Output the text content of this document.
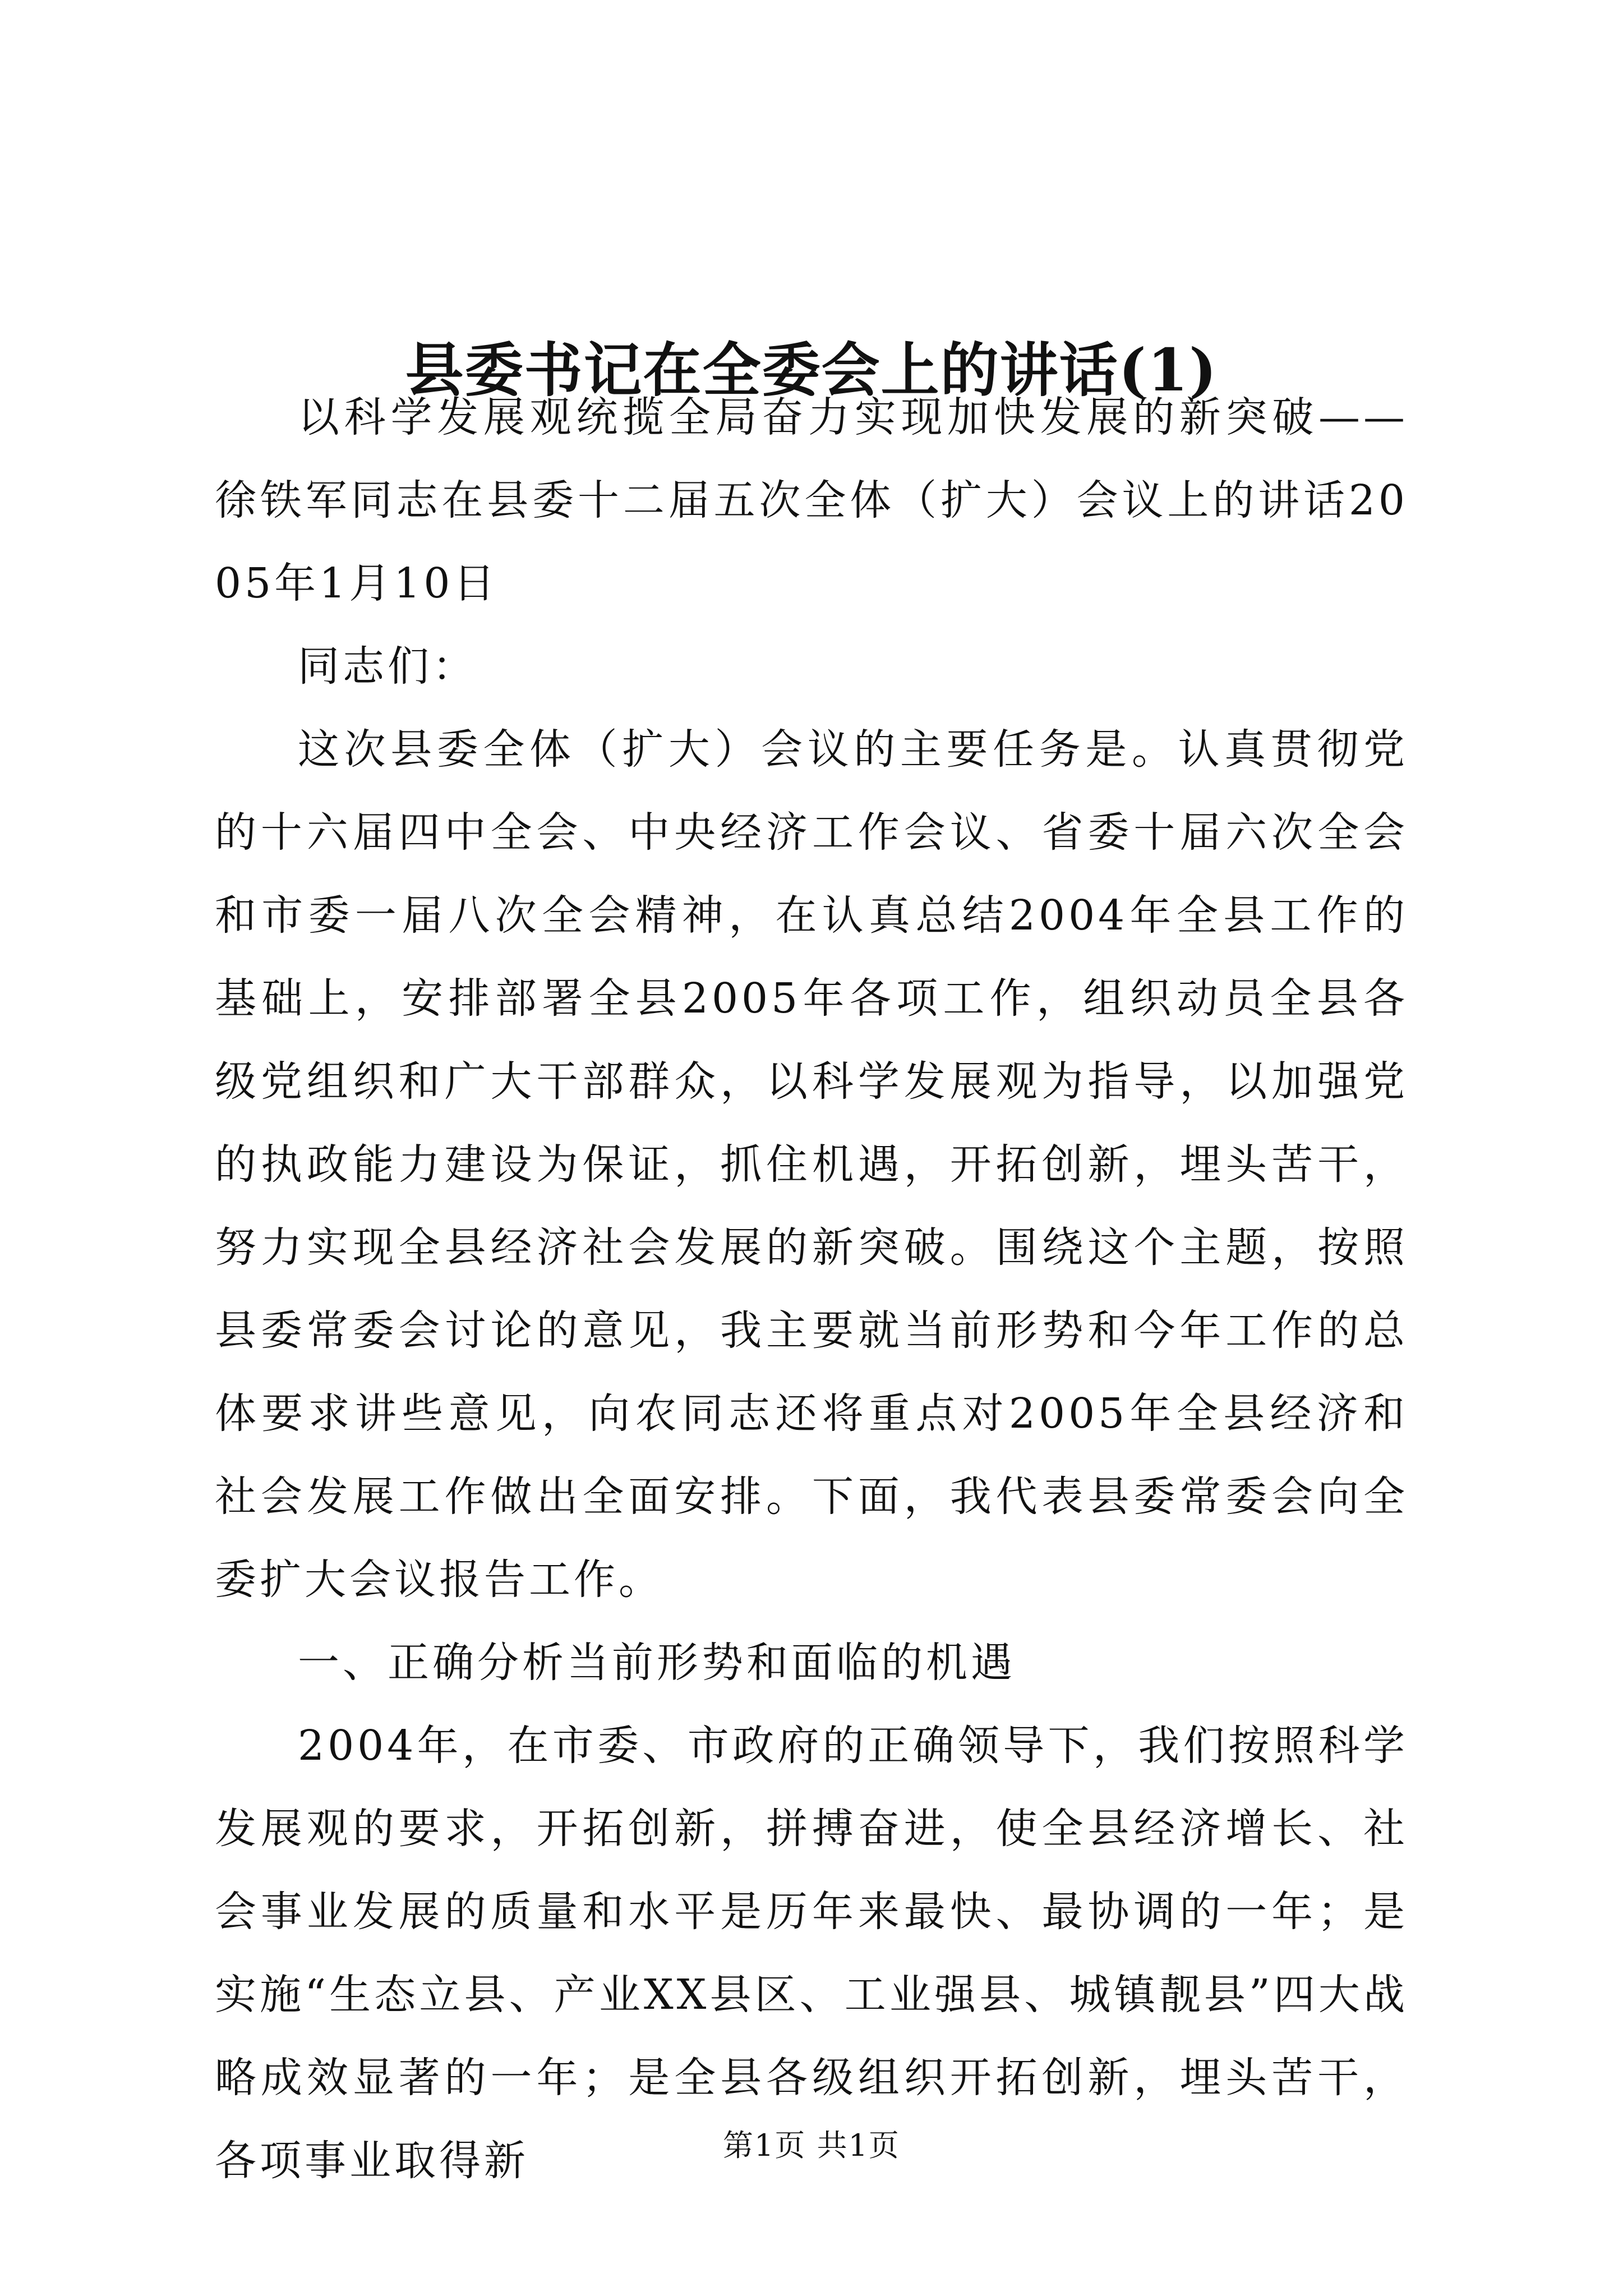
县委书记在全委会上的讲话(1)

以科学发展观统揽全局奋力实现加快发展的新突破——徐铁军同志在县委十二届五次全体（扩大）会议上的讲话2005年1月10日

同志们：

这次县委全体（扩大）会议的主要任务是。认真贯彻党的十六届四中全会、中央经济工作会议、省委十届六次全会和市委一届八次全会精神，在认真总结2004年全县工作的基础上，安排部署全县2005年各项工作，组织动员全县各级党组织和广大干部群众，以科学发展观为指导，以加强党的执政能力建设为保证，抓住机遇，开拓创新，埋头苦干，努力实现全县经济社会发展的新突破。围绕这个主题，按照县委常委会讨论的意见，我主要就当前形势和今年工作的总体要求讲些意见，向农同志还将重点对2005年全县经济和社会发展工作做出全面安排。下面，我代表县委常委会向全委扩大会议报告工作。

一、正确分析当前形势和面临的机遇

2004年，在市委、市政府的正确领导下，我们按照科学发展观的要求，开拓创新，拼搏奋进，使全县经济增长、社会事业发展的质量和水平是历年来最快、最协调的一年；是实施“生态立县、产业XX县区、工业强县、城镇靓县”四大战略成效显著的一年；是全县各级组织开拓创新，埋头苦干，各项事业取得新	第1页 共1页
